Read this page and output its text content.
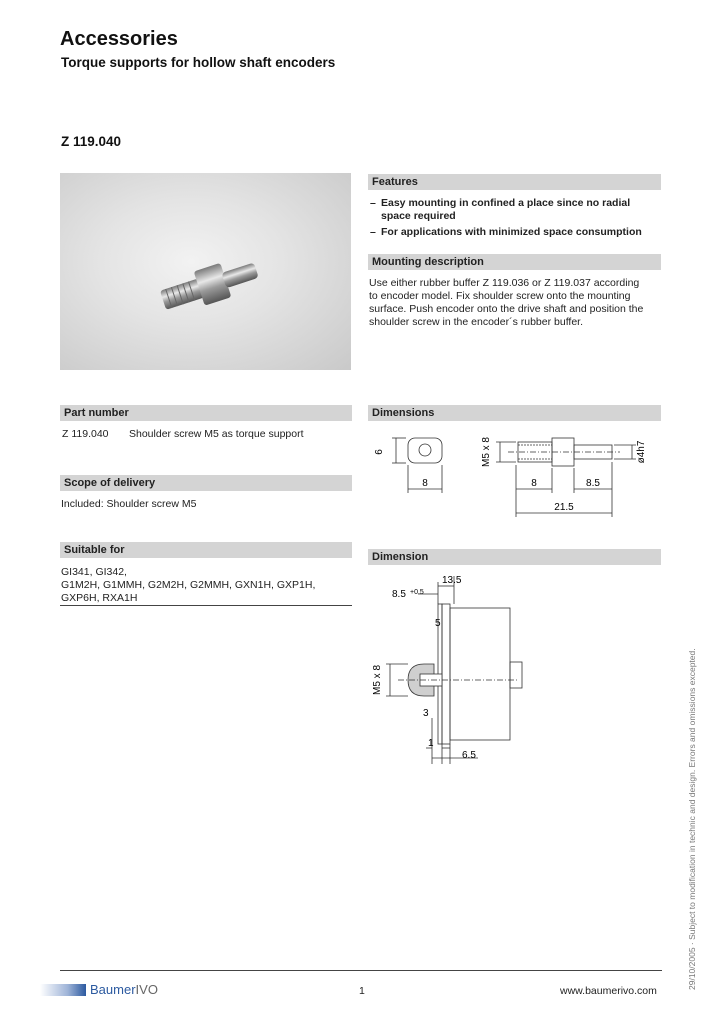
Accessories
Torque supports for hollow shaft encoders
Z 119.040
Features
– Easy mounting in confined a place since no radial
space required
– For applications with minimized space consumption
Mounting description
Use either rubber buffer Z 119.036 or Z 119.037 according
to encoder model. Fix shoulder screw onto the mounting
surface. Push encoder onto the drive shaft and position the
shoulder screw in the encoder´s rubber buffer.
Part number
Z 119.040 Shoulder screw M5 as torque support
Scope of delivery
Included: Shoulder screw M5
Suitable for
GI341, GI342,
G1M2H, G1MMH, G2M2H, G2MMH, GXN1H, GXP1H,
GXP6H, RXA1H
Dimensions
6
8
M5 x 8
8	8.5
21.5
ø4h7
Dimension
13.5
8.5 +0.5
5
M5 x 8
3
1
6.5	29/10/2005 · Subject to modification in technic and design. Errors and omissions excepted.
BaumerIVO	1	www.baumerivo.com
